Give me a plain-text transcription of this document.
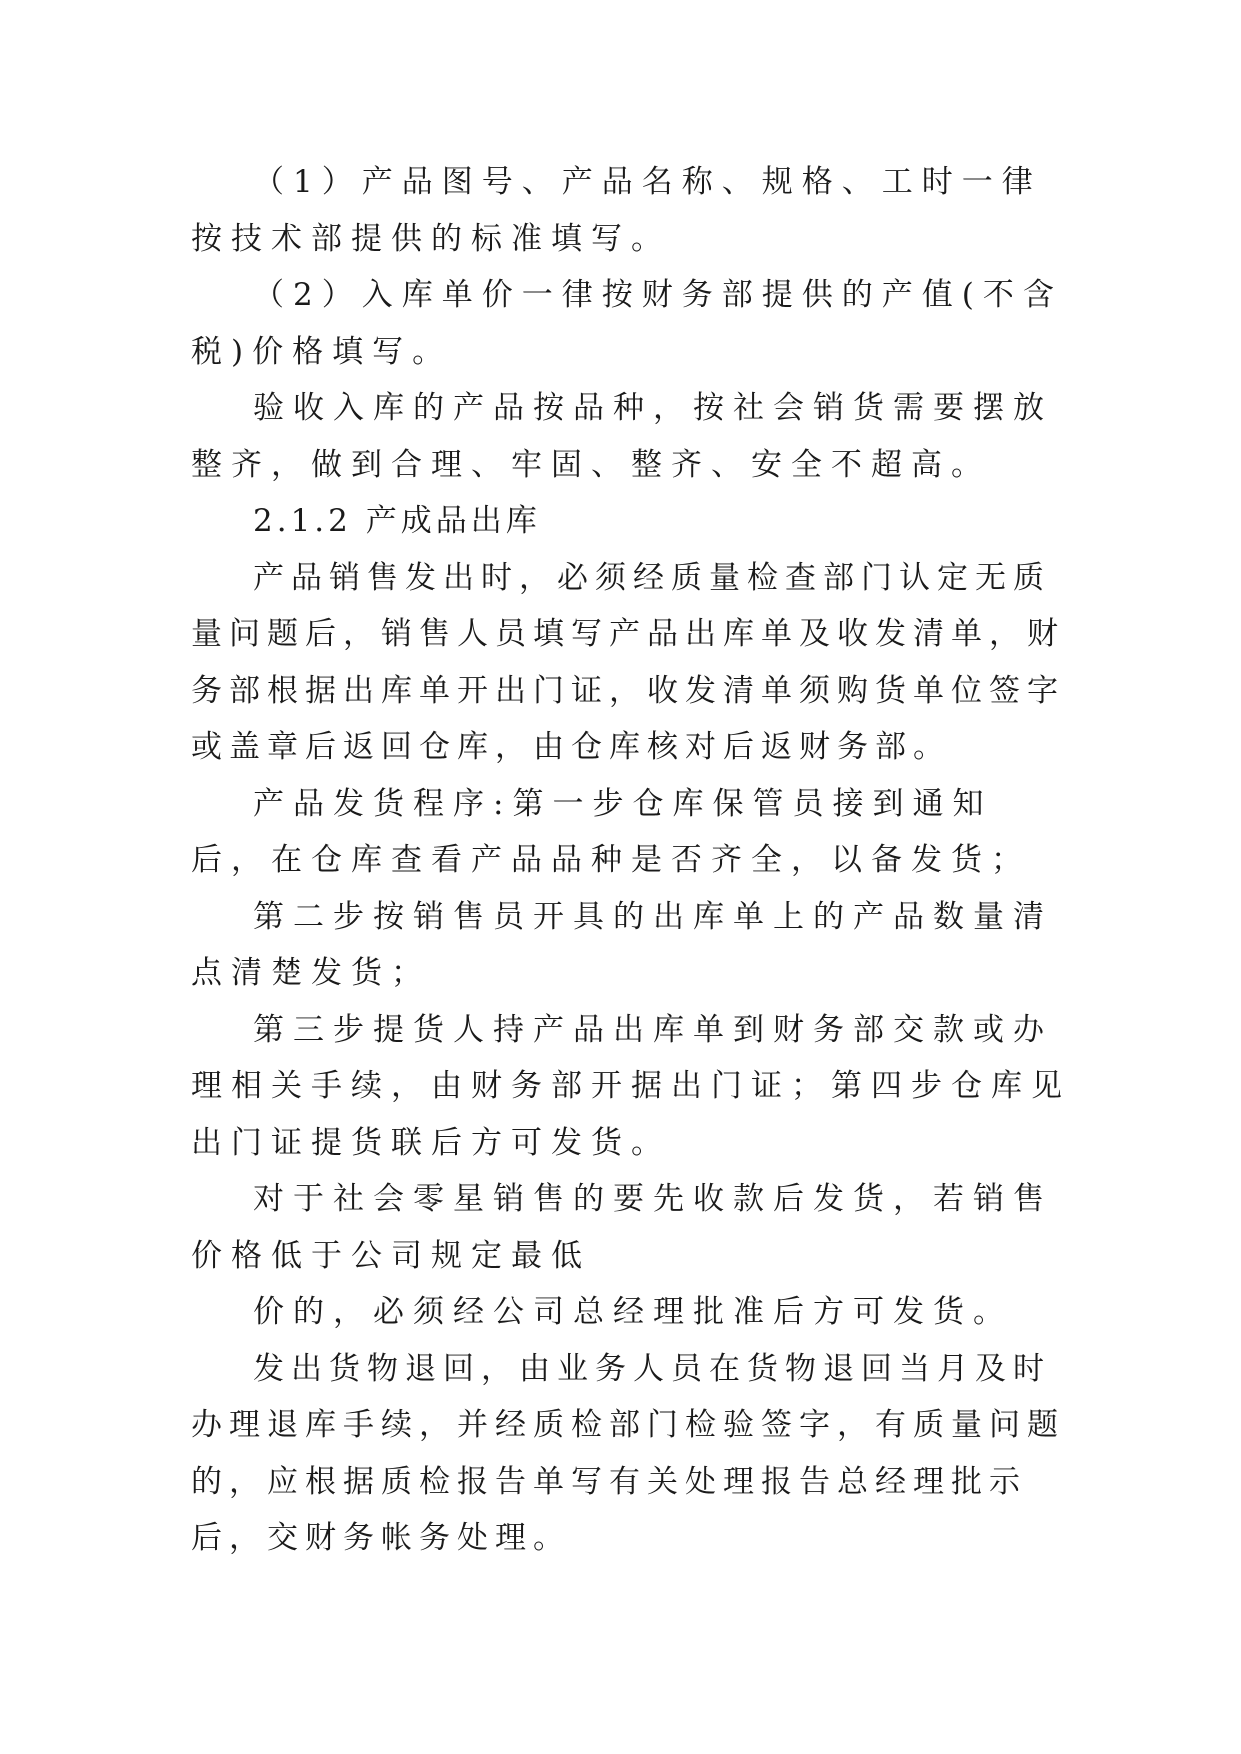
（1）产品图号、产品名称、规格、工时一律按技术部提供的标准填写。

（2）入库单价一律按财务部提供的产值(不含税)价格填写。

验收入库的产品按品种，按社会销货需要摆放整齐，做到合理、牢固、整齐、安全不超高。

2.1.2 产成品出库

产品销售发出时，必须经质量检查部门认定无质量问题后，销售人员填写产品出库单及收发清单，财务部根据出库单开出门证，收发清单须购货单位签字或盖章后返回仓库，由仓库核对后返财务部。

产品发货程序:第一步仓库保管员接到通知后，在仓库查看产品品种是否齐全，以备发货；

第二步按销售员开具的出库单上的产品数量清点清楚发货；

第三步提货人持产品出库单到财务部交款或办理相关手续，由财务部开据出门证；第四步仓库见出门证提货联后方可发货。

对于社会零星销售的要先收款后发货，若销售价格低于公司规定最低

价的，必须经公司总经理批准后方可发货。

发出货物退回，由业务人员在货物退回当月及时办理退库手续，并经质检部门检验签字，有质量问题的，应根据质检报告单写有关处理报告总经理批示后，交财务帐务处理。
